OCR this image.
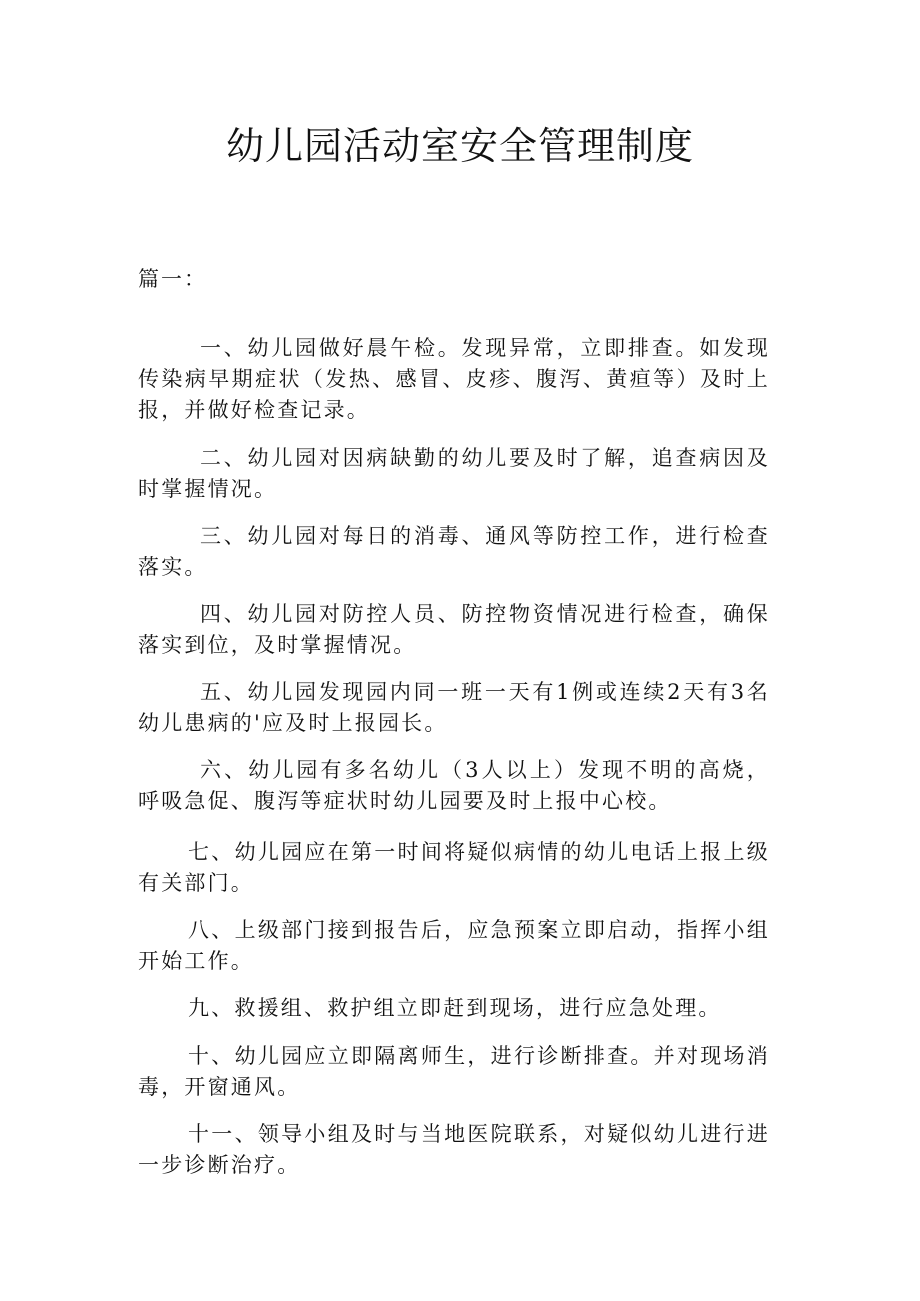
幼儿园活动室安全管理制度
篇一：

一、幼儿园做好晨午检。发现异常，立即排查。如发现传染病早期症状（发热、感冒、皮疹、腹泻、黄疸等）及时上报，并做好检查记录。

二、幼儿园对因病缺勤的幼儿要及时了解，追查病因及时掌握情况。

三、幼儿园对每日的消毒、通风等防控工作，进行检查落实。

四、幼儿园对防控人员、防控物资情况进行检查，确保落实到位，及时掌握情况。

五、幼儿园发现园内同一班一天有1例或连续2天有3名幼儿患病的'应及时上报园长。

六、幼儿园有多名幼儿（3人以上）发现不明的高烧，呼吸急促、腹泻等症状时幼儿园要及时上报中心校。

七、幼儿园应在第一时间将疑似病情的幼儿电话上报上级有关部门。

八、上级部门接到报告后，应急预案立即启动，指挥小组开始工作。

九、救援组、救护组立即赶到现场，进行应急处理。

十、幼儿园应立即隔离师生，进行诊断排查。并对现场消毒，开窗通风。

十一、领导小组及时与当地医院联系，对疑似幼儿进行进一步诊断治疗。
